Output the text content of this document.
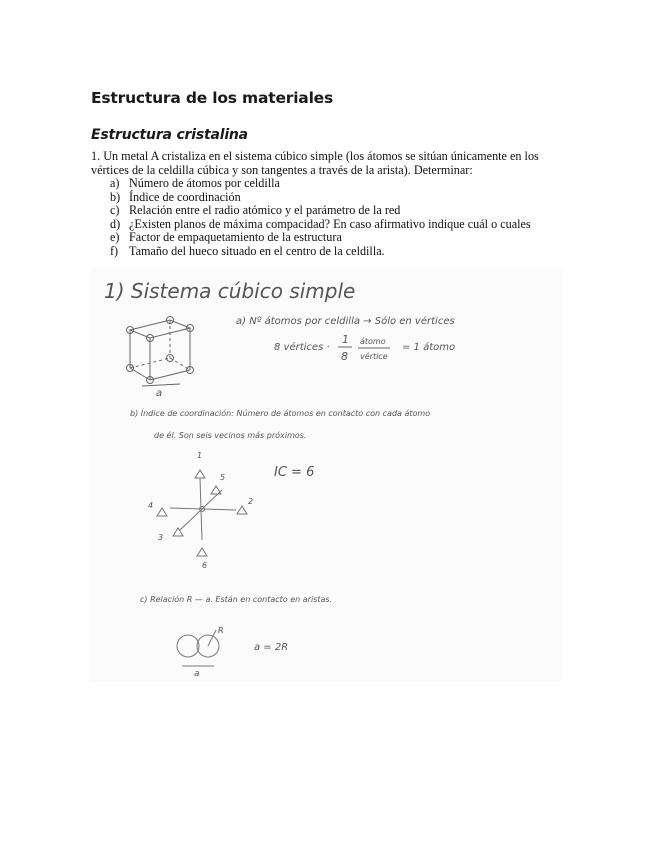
Estructura de los materiales
Estructura cristalina

1. Un metal A cristaliza en el sistema cúbico simple (los átomos se sitúan únicamente en los vértices de la celdilla cúbica y son tangentes a través de la arista). Determinar:

a) Número de átomos por celdilla
b) Índice de coordinación
c) Relación entre el radio atómico y el parámetro de la red
d) ¿Existen planos de máxima compacidad? En caso afirmativo indique cuál o cuales
e) Factor de empaquetamiento de la estructura
f) Tamaño del hueco situado en el centro de la celdilla.
1) Sistema cúbico simple
a
a) Nº átomos por celdilla → Sólo en vértices
8 vértices ·
1
8
átomo
vértice
= 1 átomo
b) Índice de coordinación: Número de átomos en contacto con cada átomo
de él. Son seis vecinos más próximos.
1
2
3
4
5
6
IC = 6
c) Relación R — a. Están en contacto en aristas.
R
a
a = 2R
